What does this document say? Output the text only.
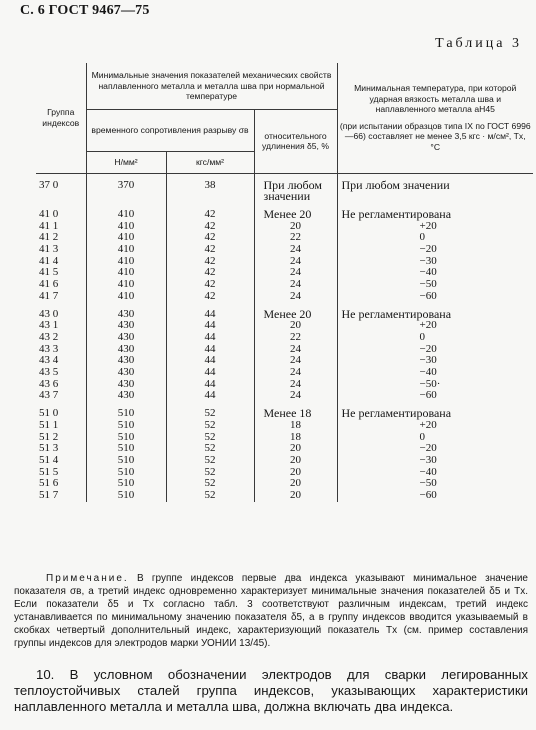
С. 6 ГОСТ 9467—75
Таблица 3
Группа индексов	Минимальные значения показателей механических свойств наплавленного металла и металла шва при нормальной температуре			Минимальная температура, при которой ударная вязкость металла шва и наплавленного металла aH45
(при испытании образцов типа IX по ГОСТ 6996—66) составляет не менее 3,5 кгс · м/см², Tx, °С

	временного сопротивления разрыву σв		относительного удлинения δ5, %	
	Н/мм²	кгс/мм²		
37 0	370	38	При любом	При любом значении
			значении	
41 0	410	42	Менее 20	Не регламентирована
41 1	410	42	20	+20
41 2	410	42	22	0
41 3	410	42	24	−20
41 4	410	42	24	−30
41 5	410	42	24	−40
41 6	410	42	24	−50
41 7	410	42	24	−60
43 0	430	44	Менее 20	Не регламентирована
43 1	430	44	20	+20
43 2	430	44	22	0
43 3	430	44	24	−20
43 4	430	44	24	−30
43 5	430	44	24	−40
43 6	430	44	24	−50·
43 7	430	44	24	−60
51 0	510	52	Менее 18	Не регламентирована
51 1	510	52	18	+20
51 2	510	52	18	0
51 3	510	52	20	−20
51 4	510	52	20	−30
51 5	510	52	20	−40
51 6	510	52	20	−50
51 7	510	52	20	−60
Примечание. В группе индексов первые два индекса указывают минимальное значение показателя σв, а третий индекс одновременно характеризует минимальные значения показателей δ5 и Tx. Если показатели δ5 и Tx согласно табл. 3 соответствуют различным индексам, третий индекс устанавливается по минимальному значению показателя δ5, а в группу индексов вводится указываемый в скобках четвертый дополнительный индекс, характеризующий показатель Tx (см. пример составления группы индексов для электродов марки УОНИИ 13/45).
10. В условном обозначении электродов для сварки легированных теплоустойчивых сталей группа индексов, указывающих характеристики наплавленного металла и металла шва, должна включать два индекса.
